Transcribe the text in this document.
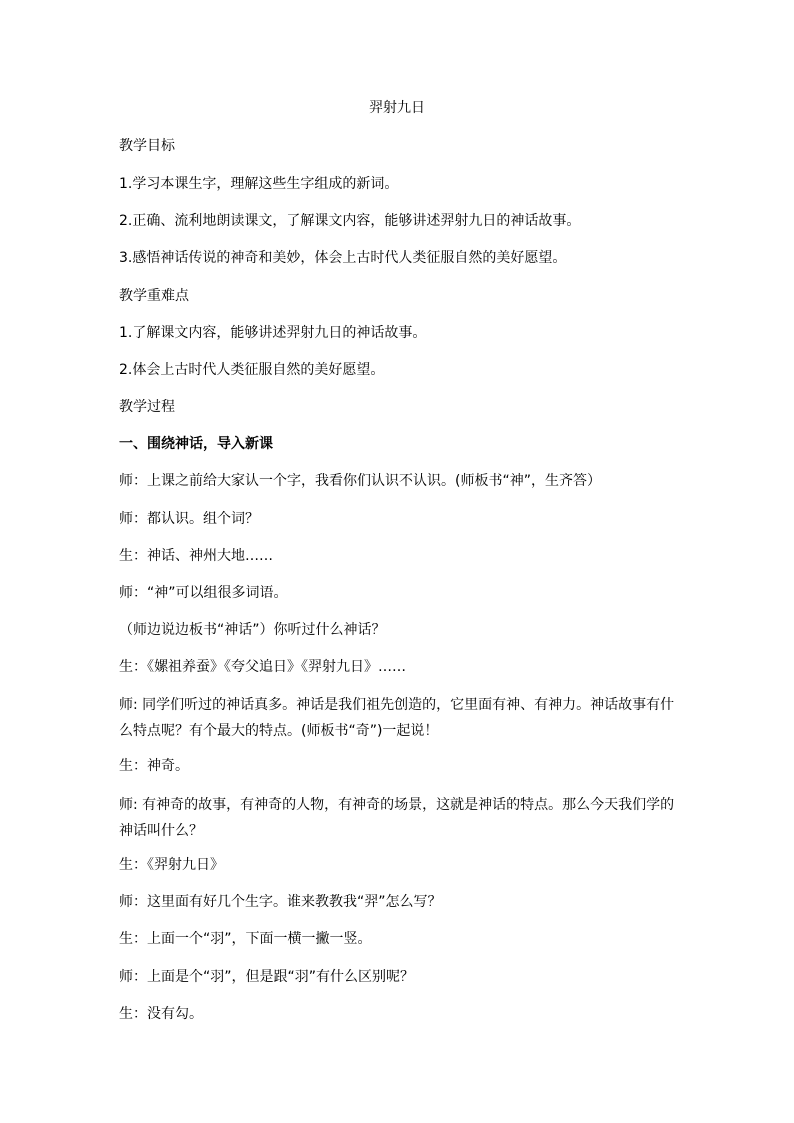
羿射九日

教学目标

1.学习本课生字，理解这些生字组成的新词。

2.正确、流利地朗读课文，了解课文内容，能够讲述羿射九日的神话故事。

3.感悟神话传说的神奇和美妙，体会上古时代人类征服自然的美好愿望。

教学重难点

1.了解课文内容，能够讲述羿射九日的神话故事。

2.体会上古时代人类征服自然的美好愿望。

教学过程

一、围绕神话，导入新课

师：上课之前给大家认一个字，我看你们认识不认识。(师板书“神”，生齐答）

师：都认识。组个词？

生：神话、神州大地……

师：“神”可以组很多词语。

（师边说边板书“神话”）你听过什么神话？

生：《嫘祖养蚕》《夸父追日》《羿射九日》……

师: 同学们听过的神话真多。神话是我们祖先创造的，它里面有神、有神力。神话故事有什么特点呢？有个最大的特点。(师板书“奇”)一起说！

生：神奇。

师: 有神奇的故事，有神奇的人物，有神奇的场景，这就是神话的特点。那么今天我们学的神话叫什么？

生：《羿射九日》

师：这里面有好几个生字。谁来教教我“羿”怎么写？

生：上面一个“羽”，下面一横一撇一竖。

师：上面是个“羽”，但是跟“羽”有什么区别呢？

生：没有勾。
